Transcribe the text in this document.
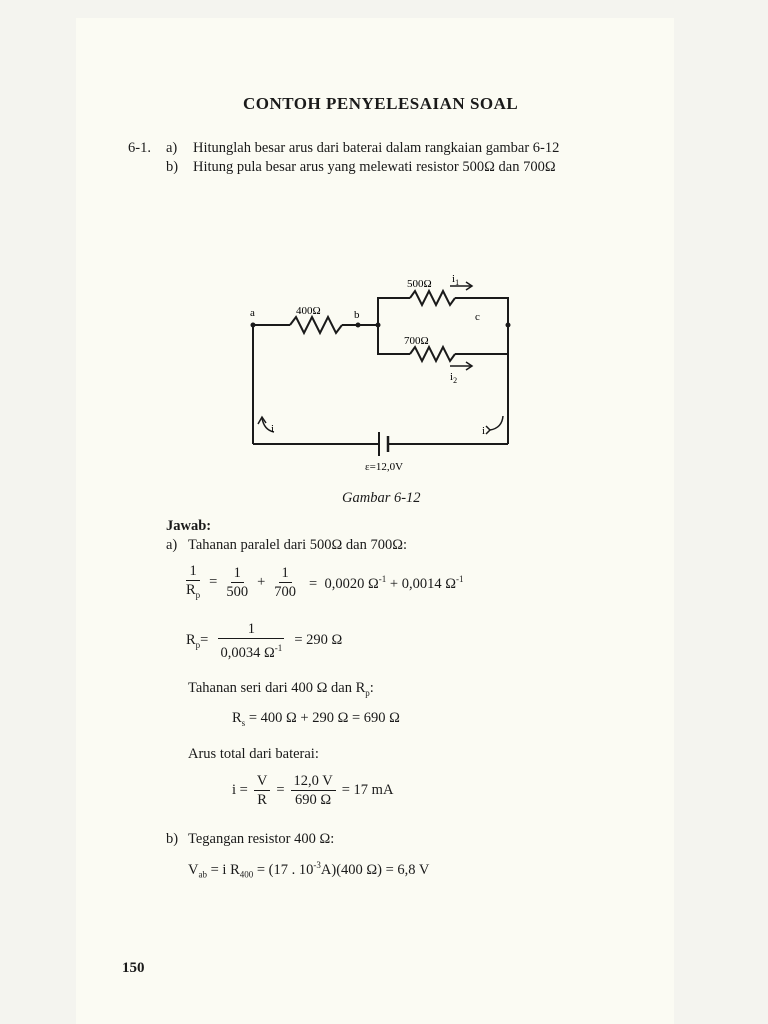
CONTOH PENYELESAIAN SOAL
6-1. a) Hitunglah besar arus dari baterai dalam rangkaian gambar 6-12
b) Hitung pula besar arus yang melewati resistor 500Ω dan 700Ω
a	b	c
400Ω
500Ω
700Ω
$i_1$
$i_2$
i	i
ε=12,0V
Gambar 6-12
Jawab:
a) Tahanan paralel dari 500Ω dan 700Ω:
$\frac{1}{R_p} = \frac{1}{500} + \frac{1}{700} = 0,0020$ $\Omega^{-1} + 0,0014$ $\Omega^{-1}$
$R_p= \frac{1}{0,0034 \Omega^{-1}} = 290$ Ω
Tahanan seri dari 400 Ω dan $R_p$:
$R_s = 400$ Ω + 290 Ω = 690 Ω
Arus total dari baterai:
$i = \frac{V}{R} = \frac{12,0 V}{690 \Omega} = 17$ mA
b) Tegangan resistor 400 Ω:
$V_{ab} = i$ $R_{400} = (17$ . $10^{-3}A)(400$ Ω) = 6,8 V
150
